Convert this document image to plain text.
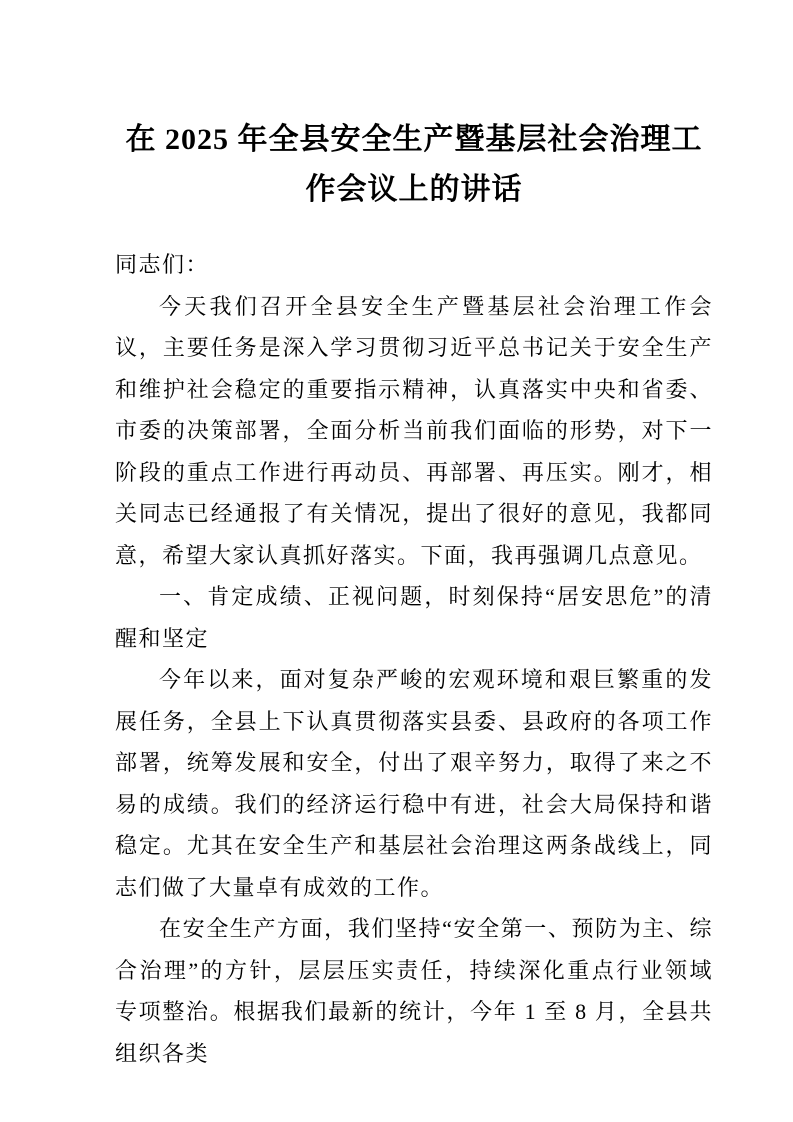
在 2025 年全县安全生产暨基层社会治理工
作会议上的讲话

同志们：

今天我们召开全县安全生产暨基层社会治理工作会议，主要任务是深入学习贯彻习近平总书记关于安全生产和维护社会稳定的重要指示精神，认真落实中央和省委、市委的决策部署，全面分析当前我们面临的形势，对下一阶段的重点工作进行再动员、再部署、再压实。刚才，相关同志已经通报了有关情况，提出了很好的意见，我都同意，希望大家认真抓好落实。下面，我再强调几点意见。

一、肯定成绩、正视问题，时刻保持“居安思危”的清醒和坚定

今年以来，面对复杂严峻的宏观环境和艰巨繁重的发展任务，全县上下认真贯彻落实县委、县政府的各项工作部署，统筹发展和安全，付出了艰辛努力，取得了来之不易的成绩。我们的经济运行稳中有进，社会大局保持和谐稳定。尤其在安全生产和基层社会治理这两条战线上，同志们做了大量卓有成效的工作。

在安全生产方面，我们坚持“安全第一、预防为主、综合治理”的方针，层层压实责任，持续深化重点行业领域专项整治。根据我们最新的统计，今年 1 至 8 月，全县共组织各类
